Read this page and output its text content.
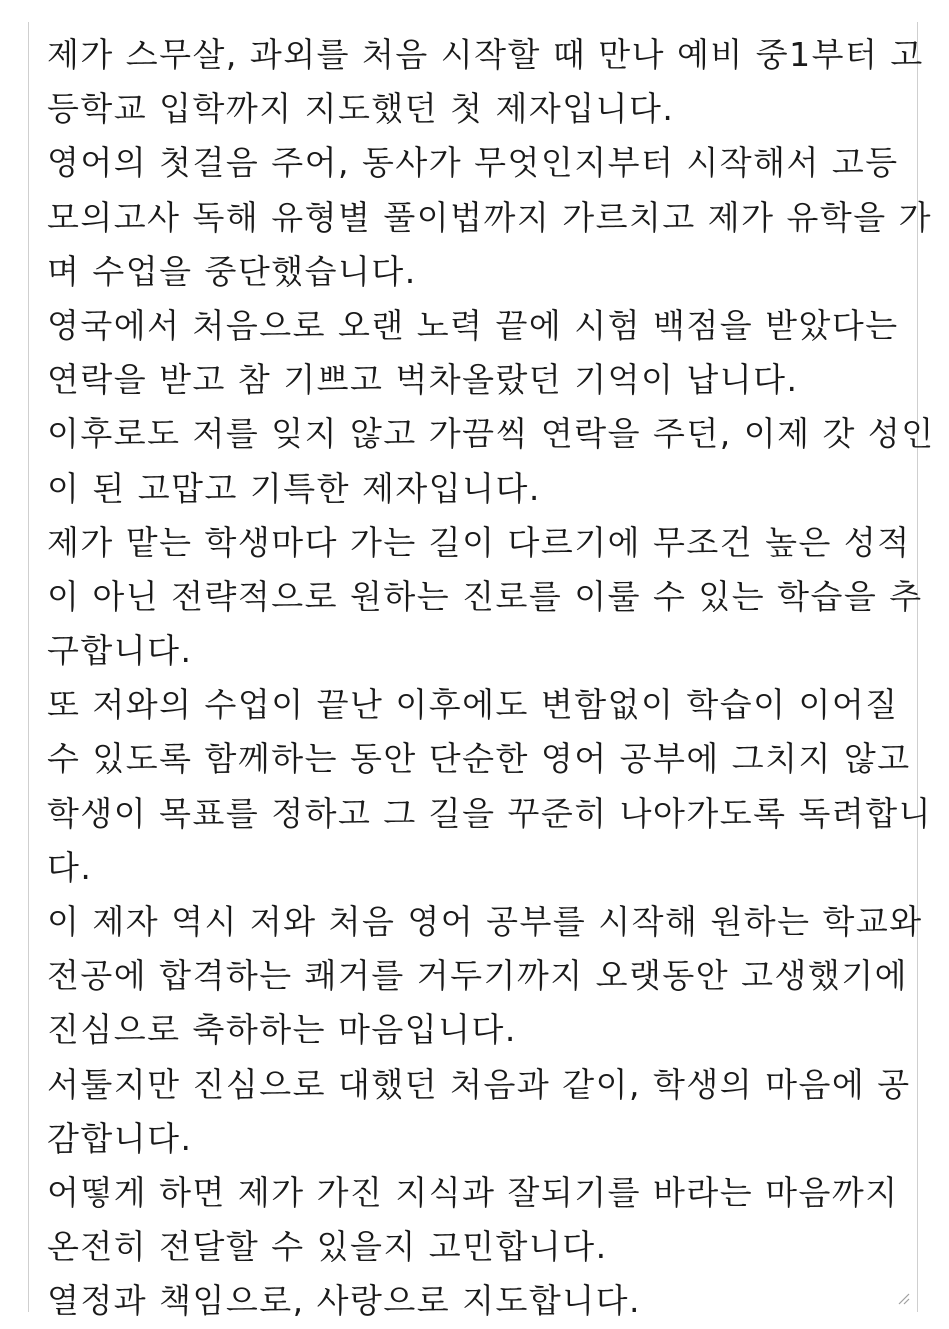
제가 스무살, 과외를 처음 시작할 때 만나 예비 중1부터 고
등학교 입학까지 지도했던 첫 제자입니다.
영어의 첫걸음 주어, 동사가 무엇인지부터 시작해서 고등
모의고사 독해 유형별 풀이법까지 가르치고 제가 유학을 가
며 수업을 중단했습니다.
영국에서 처음으로 오랜 노력 끝에 시험 백점을 받았다는
연락을 받고 참 기쁘고 벅차올랐던 기억이 납니다.
이후로도 저를 잊지 않고 가끔씩 연락을 주던, 이제 갓 성인
이 된 고맙고 기특한 제자입니다.
제가 맡는 학생마다 가는 길이 다르기에 무조건 높은 성적
이 아닌 전략적으로 원하는 진로를 이룰 수 있는 학습을 추
구합니다.
또 저와의 수업이 끝난 이후에도 변함없이 학습이 이어질
수 있도록 함께하는 동안 단순한 영어 공부에 그치지 않고
학생이 목표를 정하고 그 길을 꾸준히 나아가도록 독려합니
다.
이 제자 역시 저와 처음 영어 공부를 시작해 원하는 학교와
전공에 합격하는 쾌거를 거두기까지 오랫동안 고생했기에
진심으로 축하하는 마음입니다.
서툴지만 진심으로 대했던 처음과 같이, 학생의 마음에 공
감합니다.
어떻게 하면 제가 가진 지식과 잘되기를 바라는 마음까지
온전히 전달할 수 있을지 고민합니다.
열정과 책임으로, 사랑으로 지도합니다.
